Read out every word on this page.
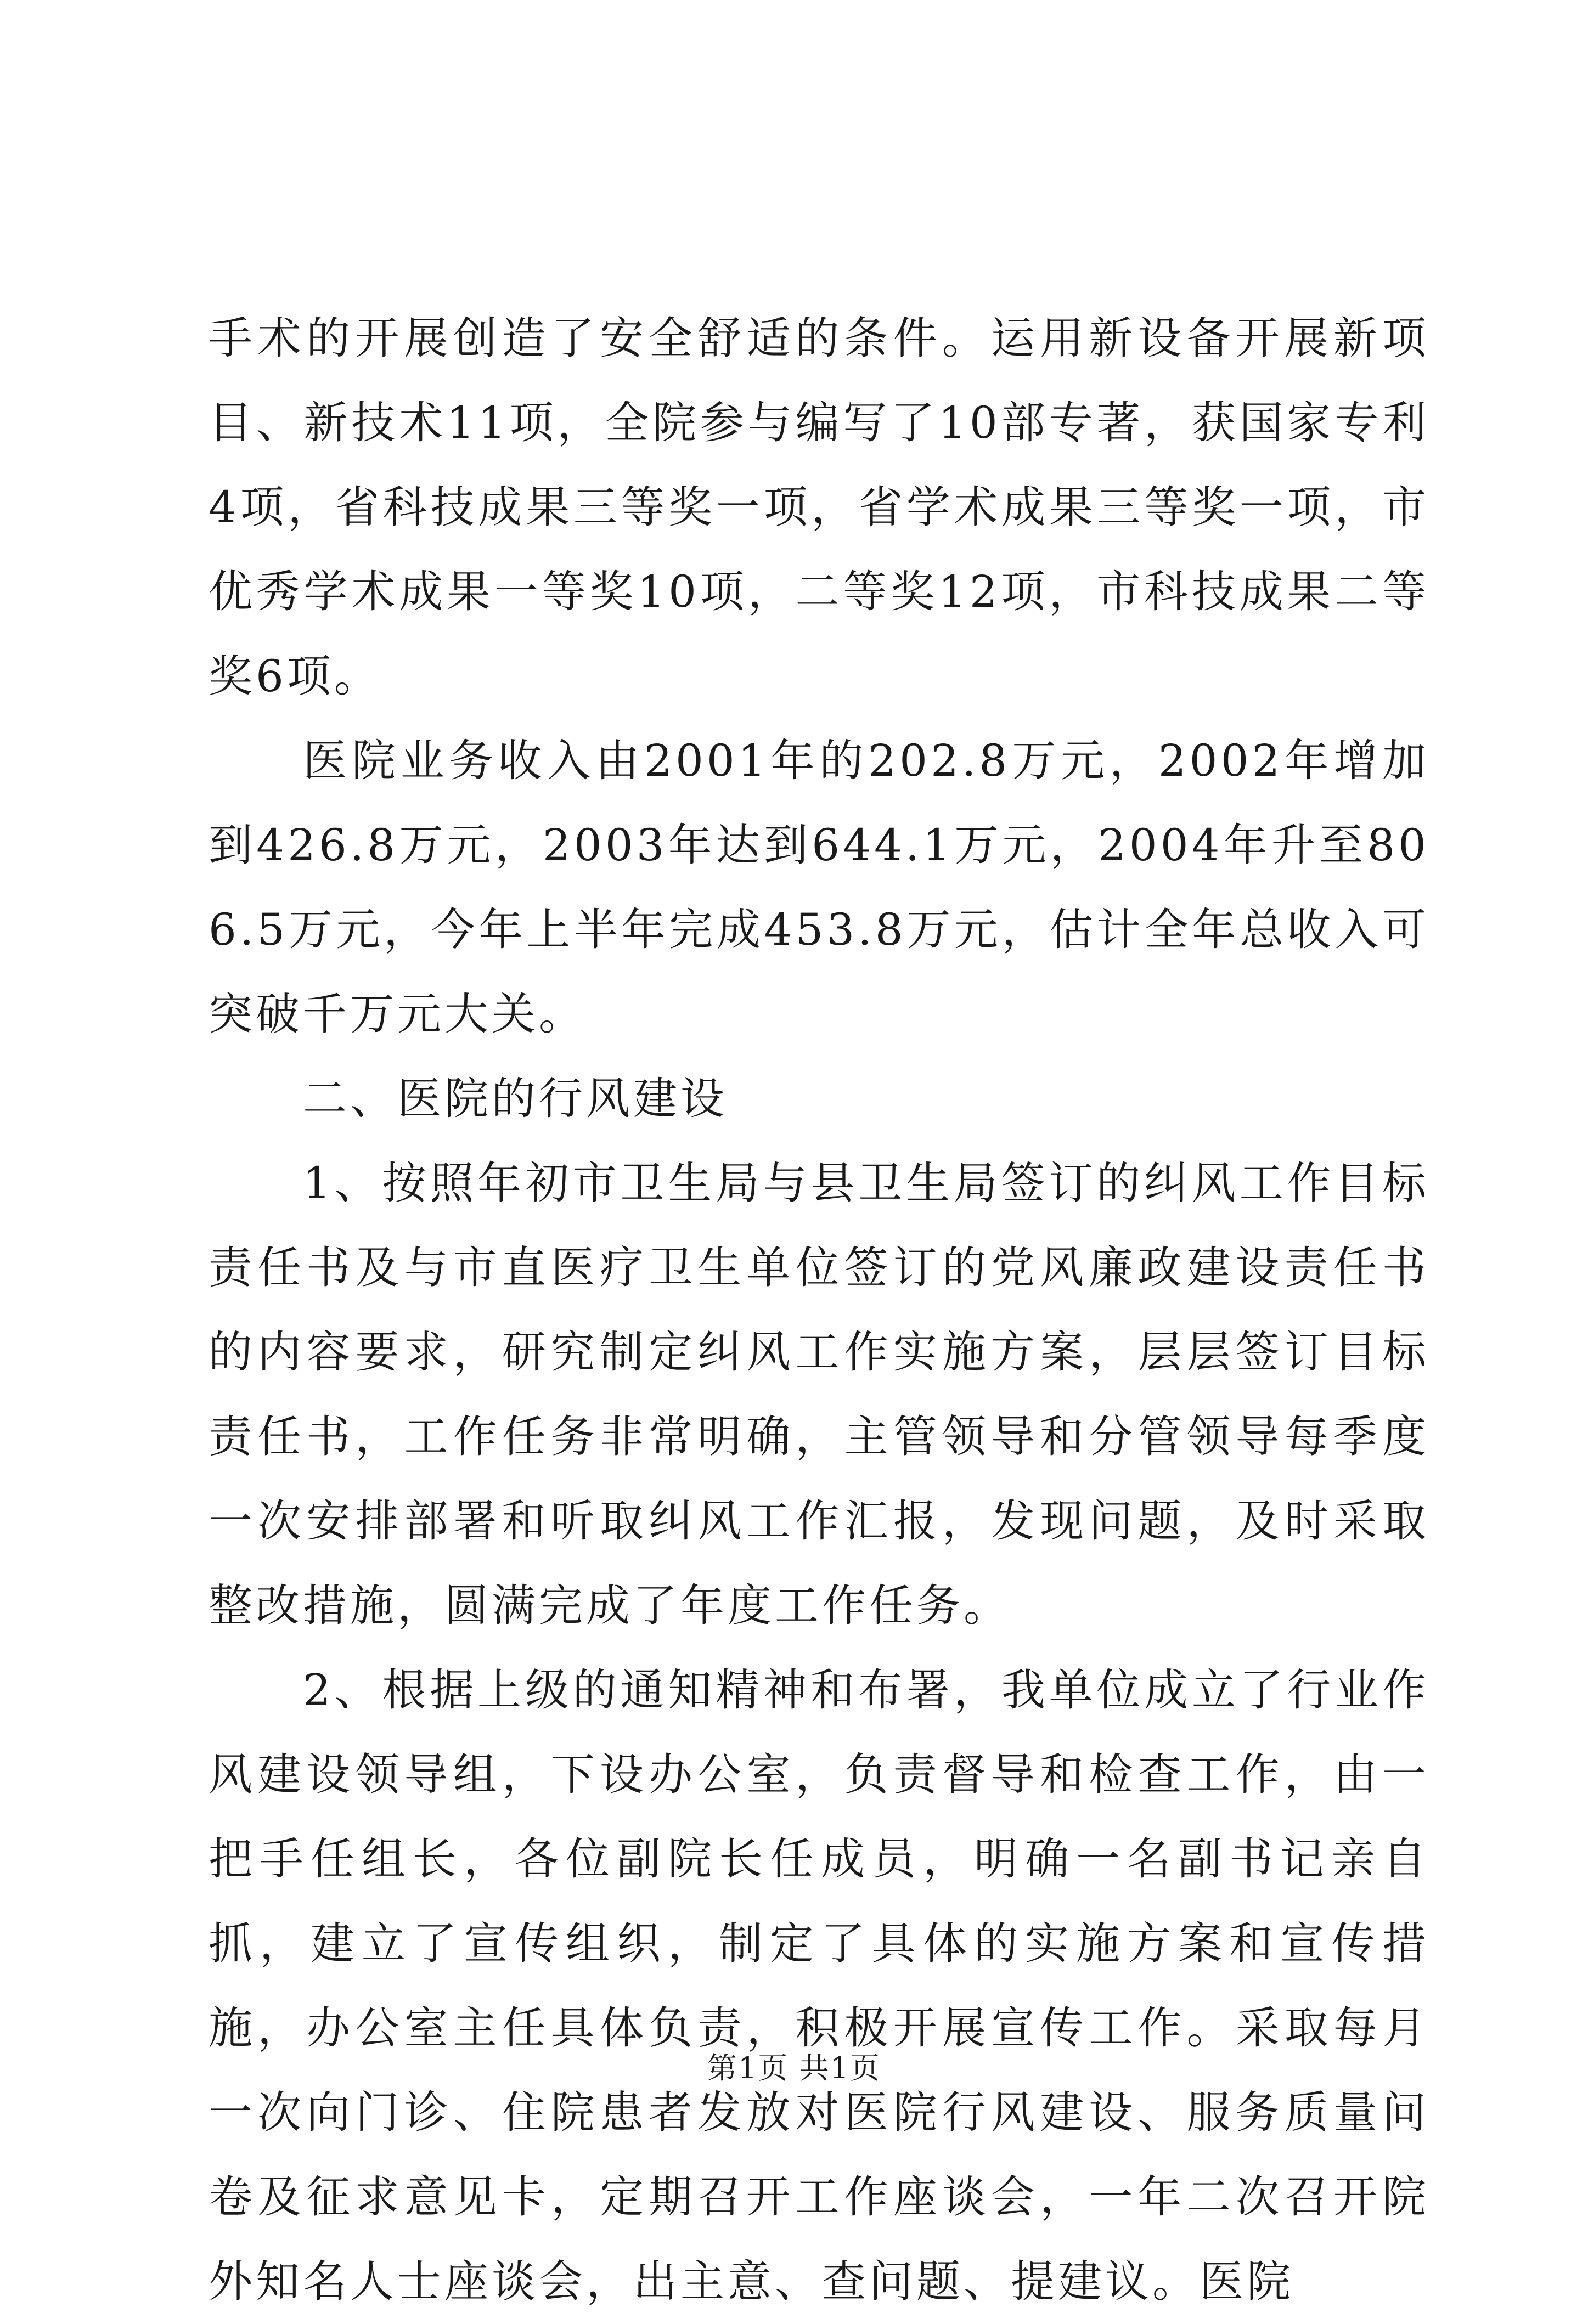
手术的开展创造了安全舒适的条件。运用新设备开展新项目、新技术11项，全院参与编写了10部专著，获国家专利4项，省科技成果三等奖一项，省学术成果三等奖一项，市优秀学术成果一等奖10项，二等奖12项，市科技成果二等奖6项。

医院业务收入由2001年的202.8万元，2002年增加到426.8万元，2003年达到644.1万元，2004年升至806.5万元，今年上半年完成453.8万元，估计全年总收入可突破千万元大关。

二、医院的行风建设

1、按照年初市卫生局与县卫生局签订的纠风工作目标责任书及与市直医疗卫生单位签订的党风廉政建设责任书的内容要求，研究制定纠风工作实施方案，层层签订目标责任书，工作任务非常明确，主管领导和分管领导每季度一次安排部署和听取纠风工作汇报，发现问题，及时采取整改措施，圆满完成了年度工作任务。

2、根据上级的通知精神和布署，我单位成立了行业作风建设领导组，下设办公室，负责督导和检查工作，由一把手任组长，各位副院长任成员，明确一名副书记亲自抓，建立了宣传组织，制定了具体的实施方案和宣传措施，办公室主任具体负责，积极开展宣传工作。采取每月一次向门诊、住院患者发放对医院行风建设、服务质量问卷及征求意见卡，定期召开工作座谈会，一年二次召开院外知名人士座谈会，出主意、查问题、提建议。医院

第1页 共1页
